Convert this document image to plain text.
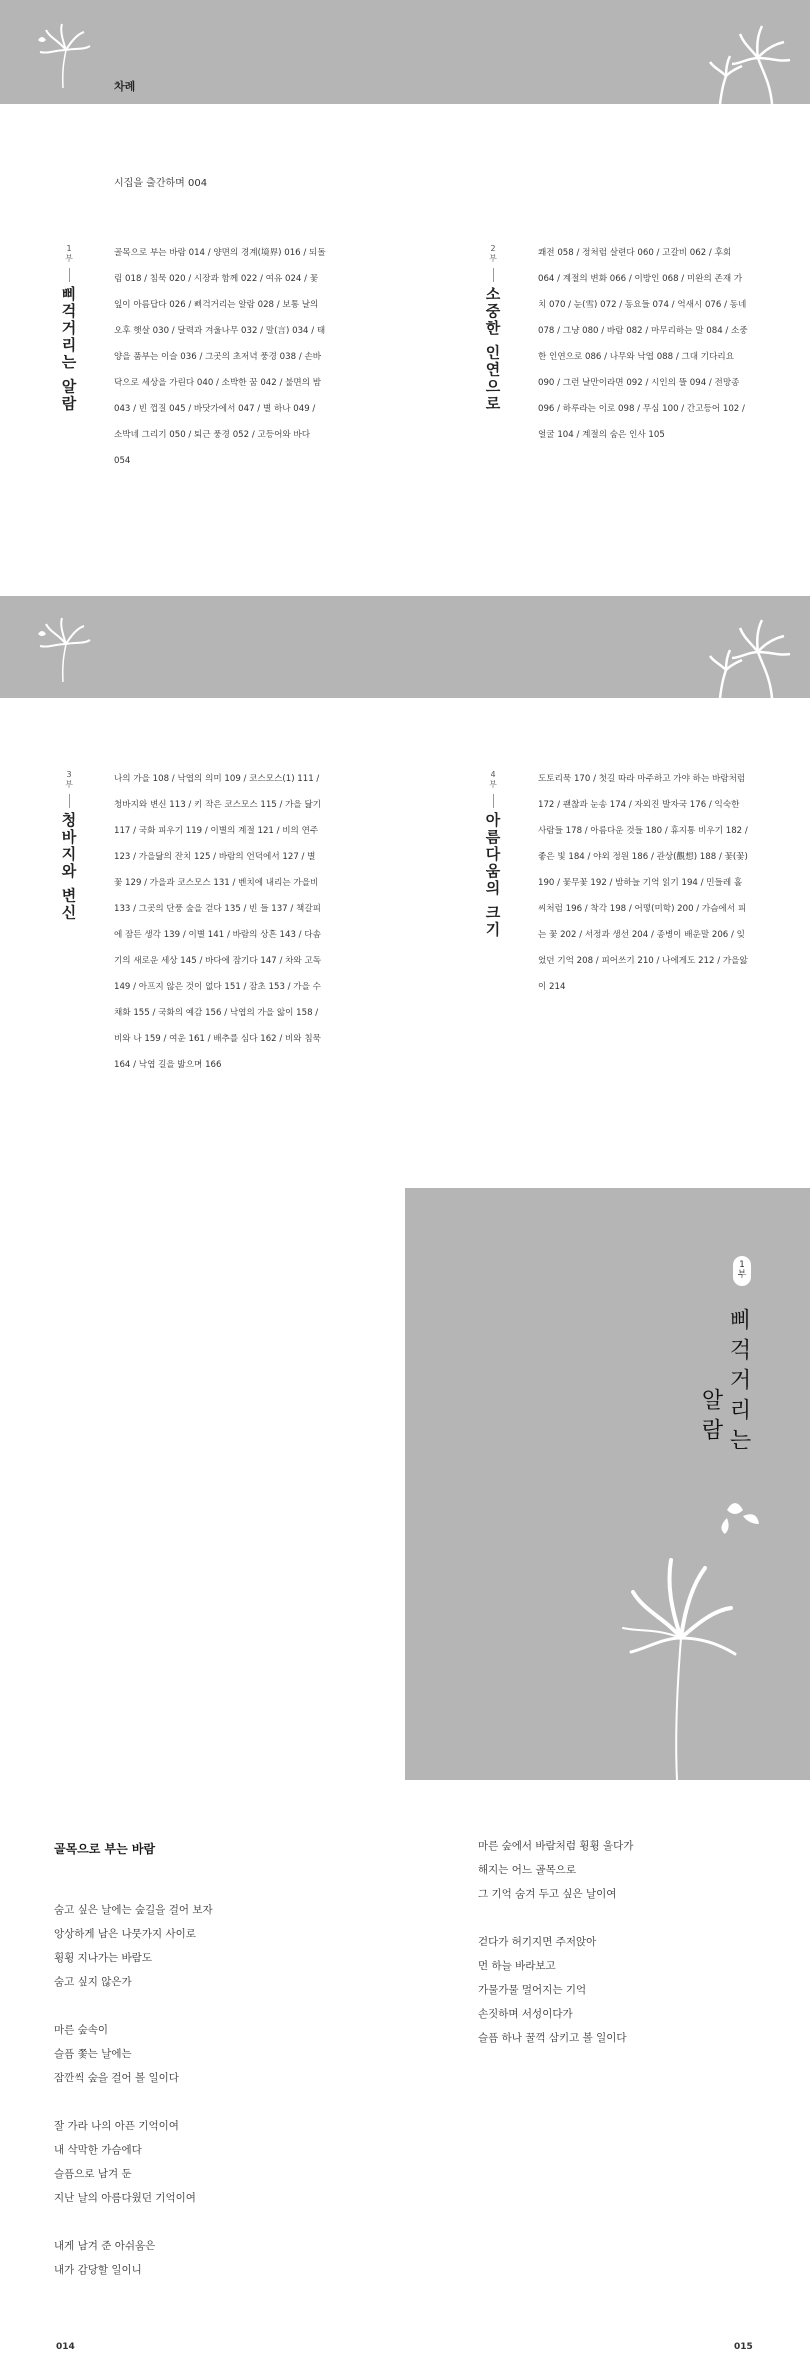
차례
시집을 출간하며 004
1
부
삐걱거리는 알람
골목으로 부는 바람 014 / 양면의 경계(境界) 016 / 되돌림 018 / 침묵 020 / 시장과 함께 022 / 여유 024 / 꽃잎이 아름답다 026 / 삐걱거리는 알람 028 / 보통 날의 오후 햇살 030 / 달력과 겨울나무 032 / 말(言) 034 / 태양을 품부는 이슬 036 / 그곳의 초저녁 풍경 038 / 손바닥으로 세상을 가린다 040 / 소박한 꿈 042 / 불면의 밤 043 / 빈 껍질 045 / 바닷가에서 047 / 별 하나 049 / 소박네 그리기 050 / 퇴근 풍경 052 / 고등어와 바다 054
2
부
소중한 인연으로
쾌전 058 / 정처럼 살련다 060 / 고갈비 062 / 후회 064 / 계절의 변화 066 / 이방인 068 / 미완의 존재 가치 070 / 눈(雪) 072 / 동요들 074 / 억새시 076 / 동네 078 / 그냥 080 / 바람 082 / 마무리하는 말 084 / 소중한 인연으로 086 / 나무와 낙엽 088 / 그대 기다리요 090 / 그런 날만이라면 092 / 시인의 뜰 094 / 전망종 096 / 하루라는 이로 098 / 무심 100 / 간고등어 102 / 얼굴 104 / 계절의 숨은 인사 105
3
부
청바지와 변신
나의 가을 108 / 낙엽의 의미 109 / 코스모스(1) 111 / 청바지와 변신 113 / 키 작은 코스모스 115 / 가을 닮기 117 / 국화 피우기 119 / 이별의 계절 121 / 비의 연주 123 / 가을닮의 잔치 125 / 바람의 언덕에서 127 / 별 꽃 129 / 가을과 코스모스 131 / 벤치에 내리는 가을비 133 / 그곳의 단풍 숲을 걷다 135 / 빈 들 137 / 책갈피에 잠든 생각 139 / 이별 141 / 바람의 상흔 143 / 다솜기의 새로운 세상 145 / 바다에 잠기다 147 / 차와 고독 149 / 아프지 않은 것이 없다 151 / 잠초 153 / 가을 수채화 155 / 국화의 예감 156 / 낙엽의 가을 앓이 158 / 비와 나 159 / 여운 161 / 배추를 심다 162 / 비와 침묵 164 / 낙엽 길을 밟으며 166
4
부
아름다움의 크기
도토리묵 170 / 첫길 따라 마주하고 가야 하는 바람처럼 172 / 괜찮과 눈송 174 / 자외진 발자국 176 / 익숙한 사람들 178 / 아름다운 것들 180 / 휴지통 비우기 182 / 좋은 빛 184 / 야외 정원 186 / 관상(觀想) 188 / 꽃(꽃) 190 / 꽃무꽃 192 / 밤하늘 기억 읽기 194 / 민들레 홀씨처럼 196 / 착각 198 / 어떻(미학) 200 / 가슴에서 피는 꽃 202 / 서정과 생선 204 / 종병이 배운말 206 / 잊었던 기억 208 / 피어쓰기 210 / 나에게도 212 / 가을앓이 214
1
부
삐걱거리는
알람
골목으로 부는 바람
숨고 싶은 날에는 숲길을 걸어 보자
앙상하게 남은 나뭇가지 사이로
휭휭 지나가는 바람도
숨고 싶지 않은가
마른 숲속이
슬픔 쫓는 날에는
잠깐씩 숲을 걸어 볼 일이다
잘 가라 나의 아픈 기억이여
내 삭막한 가슴에다
슬픔으로 남겨 둔
지난 날의 아름다웠던 기억이여
내게 남겨 준 아쉬움은
내가 감당할 일이니
마른 숲에서 바람처럼 휭휭 울다가
해지는 어느 골목으로
그 기억 숨겨 두고 싶은 날이여
걷다가 허기지면 주저앉아
먼 하늘 바라보고
가물가물 멀어지는 기억
손짓하며 서성이다가
슬픔 하나 꿀꺽 삼키고 볼 일이다
014	015
